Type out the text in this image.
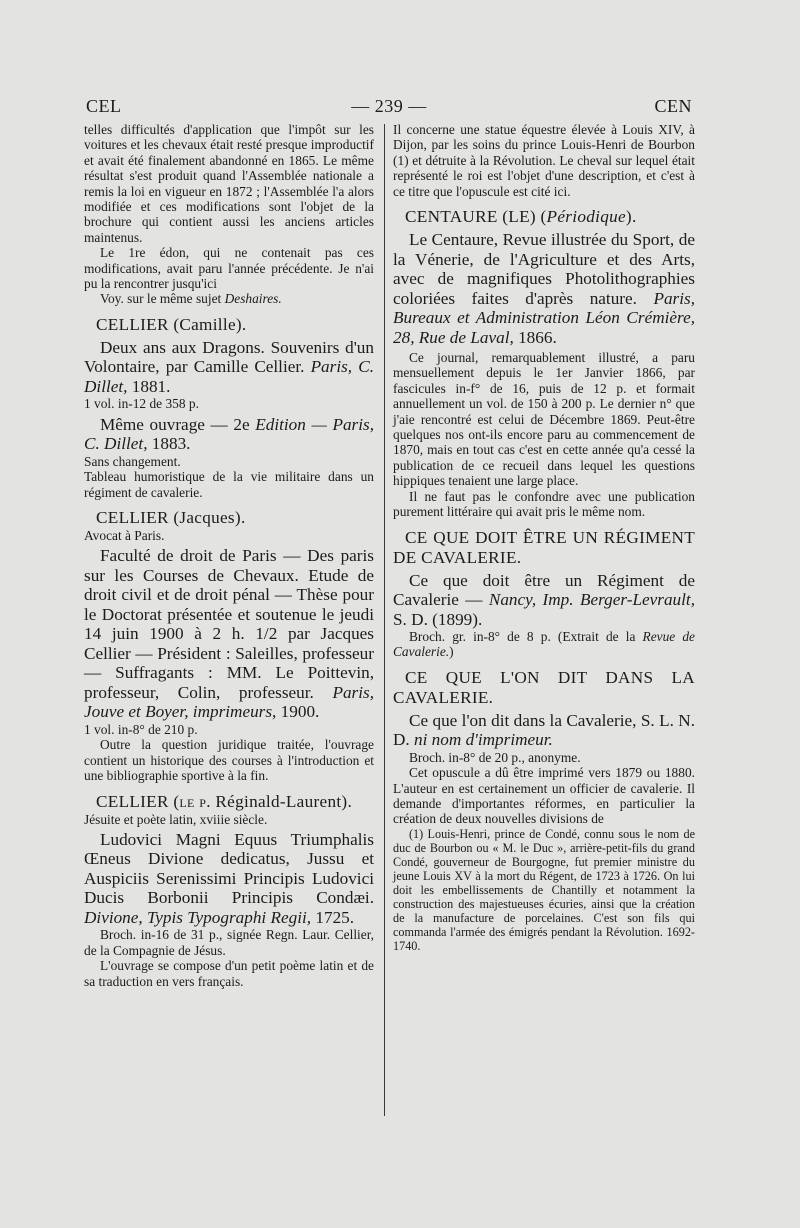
CEL	— 239 —	CEN

telles difficultés d'application que l'impôt sur les voitures et les chevaux était resté presque improductif et avait été finalement abandonné en 1865. Le même résultat s'est produit quand l'Assemblée nationale a remis la loi en vigueur en 1872 ; l'Assemblée l'a alors modifiée et ces modifications sont l'objet de la brochure qui contient aussi les anciens articles maintenus.

Le 1re édon, qui ne contenait pas ces modifications, avait paru l'année précédente. Je n'ai pu la rencontrer jusqu'ici

Voy. sur le même sujet Deshaires.

CELLIER (Camille).

Deux ans aux Dragons. Souvenirs d'un Volontaire, par Camille Cellier. Paris, C. Dillet, 1881.

1 vol. in-12 de 358 p.

Même ouvrage — 2e Edition — Paris, C. Dillet, 1883.

Sans changement.

Tableau humoristique de la vie militaire dans un régiment de cavalerie.

CELLIER (Jacques).

Avocat à Paris.

Faculté de droit de Paris — Des paris sur les Courses de Chevaux. Etude de droit civil et de droit pénal — Thèse pour le Doctorat présentée et soutenue le jeudi 14 juin 1900 à 2 h. 1/2 par Jacques Cellier — Président : Saleilles, professeur — Suffragants : MM. Le Poittevin, professeur, Colin, professeur. Paris, Jouve et Boyer, imprimeurs, 1900.

1 vol. in-8° de 210 p.

Outre la question juridique traitée, l'ouvrage contient un historique des courses à l'introduction et une bibliographie sportive à la fin.

CELLIER (le p. Réginald-Laurent).

Jésuite et poète latin, xviiie siècle.

Ludovici Magni Equus Triumphalis Œneus Divione dedicatus, Jussu et Auspiciis Serenissimi Principis Ludovici Ducis Borbonii Principis Condæi. Divione, Typis Typographi Regii, 1725.

Broch. in-16 de 31 p., signée Regn. Laur. Cellier, de la Compagnie de Jésus.

L'ouvrage se compose d'un petit poème latin et de sa traduction en vers français.

Il concerne une statue équestre élevée à Louis XIV, à Dijon, par les soins du prince Louis-Henri de Bourbon (1) et détruite à la Révolution. Le cheval sur lequel était représenté le roi est l'objet d'une description, et c'est à ce titre que l'opuscule est cité ici.

CENTAURE (LE) (Périodique).

Le Centaure, Revue illustrée du Sport, de la Vénerie, de l'Agriculture et des Arts, avec de magnifiques Photolithographies coloriées faites d'après nature. Paris, Bureaux et Administration Léon Crémière, 28, Rue de Laval, 1866.

Ce journal, remarquablement illustré, a paru mensuellement depuis le 1er Janvier 1866, par fascicules in-f° de 16, puis de 12 p. et formait annuellement un vol. de 150 à 200 p. Le dernier n° que j'aie rencontré est celui de Décembre 1869. Peut-être quelques nos ont-ils encore paru au commencement de 1870, mais en tout cas c'est en cette année qu'a cessé la publication de ce recueil dans lequel les questions hippiques tenaient une large place.

Il ne faut pas le confondre avec une publication purement littéraire qui avait pris le même nom.

CE QUE DOIT ÊTRE UN RÉGIMENT DE CAVALERIE.

Ce que doit être un Régiment de Cavalerie — Nancy, Imp. Berger-Levrault, S. D. (1899).

Broch. gr. in-8° de 8 p. (Extrait de la Revue de Cavalerie.)

CE QUE L'ON DIT DANS LA CAVALERIE.

Ce que l'on dit dans la Cavalerie, S. L. N. D. ni nom d'imprimeur.

Broch. in-8° de 20 p., anonyme.

Cet opuscule a dû être imprimé vers 1879 ou 1880. L'auteur en est certainement un officier de cavalerie. Il demande d'importantes réformes, en particulier la création de deux nouvelles divisions de

(1) Louis-Henri, prince de Condé, connu sous le nom de duc de Bourbon ou « M. le Duc », arrière-petit-fils du grand Condé, gouverneur de Bourgogne, fut premier ministre du jeune Louis XV à la mort du Régent, de 1723 à 1726. On lui doit les embellissements de Chantilly et notamment la construction des majestueuses écuries, ainsi que la création de la manufacture de porcelaines. C'est son fils qui commanda l'armée des émigrés pendant la Révolution. 1692-1740.
